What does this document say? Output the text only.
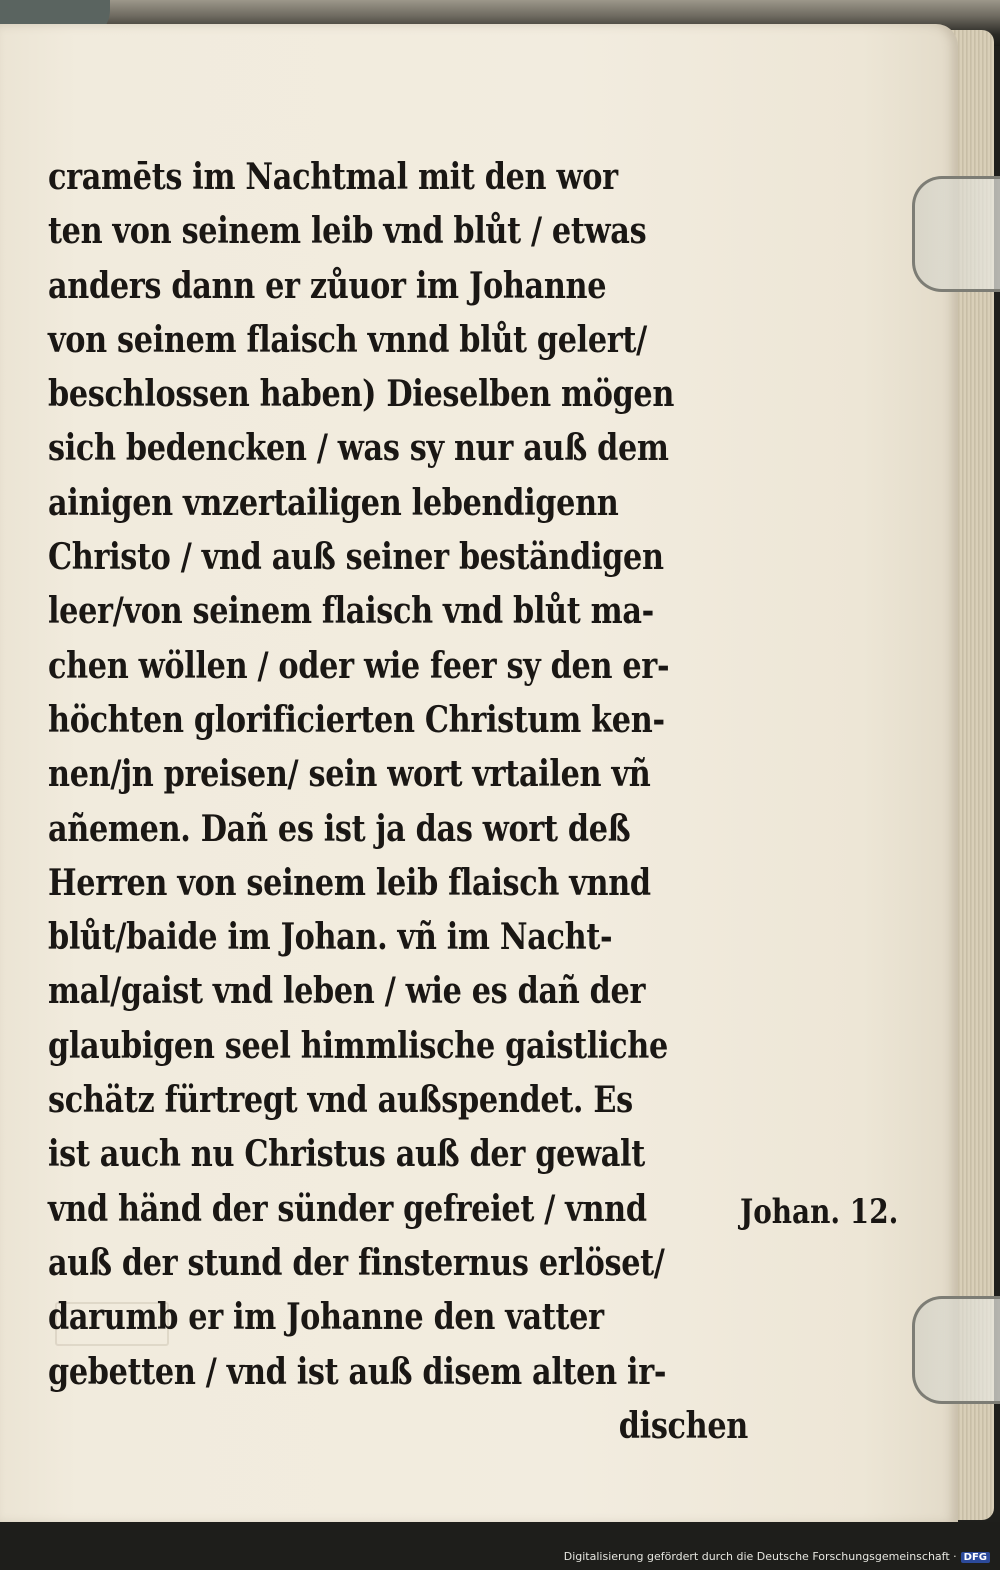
cramēts im Nachtmal mit den wor
ten von seinem leib vnd blůt / etwas
anders dann er zůuor im Johanne
von seinem flaisch vnnd blůt gelert/
beschlossen haben) Dieselben mögen
sich bedencken / was sy nur auß dem
ainigen vnzertailigen lebendigenn
Christo / vnd auß seiner beständigen
leer/von seinem flaisch vnd blůt ma-
chen wöllen / oder wie feer sy den er-
höchten glorificierten Christum ken-
nen/jn preisen/ sein wort vrtailen vñ
añemen. Dañ es ist ja das wort deß
Herren von seinem leib flaisch vnnd
blůt/baide im Johan. vñ im Nacht-
mal/gaist vnd leben / wie es dañ der
glaubigen seel himmlische gaistliche
schätz fürtregt vnd außspendet. Es
ist auch nu Christus auß der gewalt
vnd händ der sünder gefreiet / vnnd
auß der stund der finsternus erlöset/
darumb er im Johanne den vatter
gebetten / vnd ist auß disem alten ir-
dischen
Johan. 12.
Digitalisierung gefördert durch die Deutsche Forschungsgemeinschaft · DFG
